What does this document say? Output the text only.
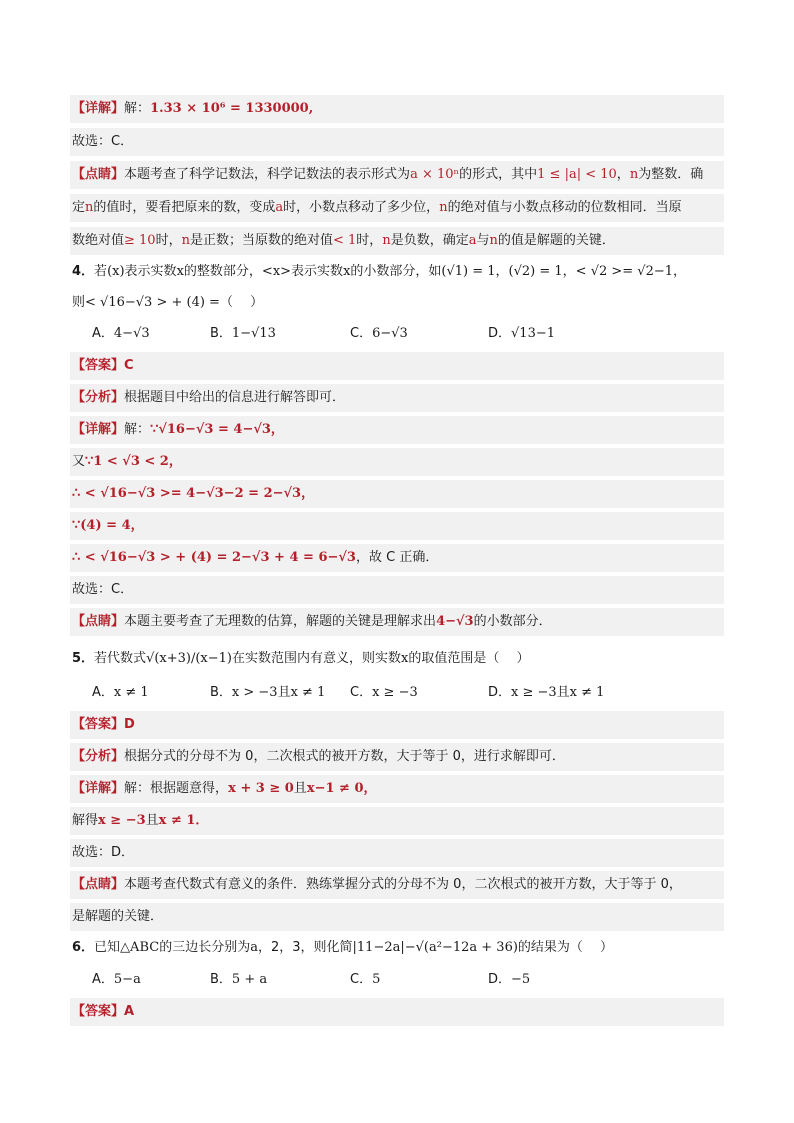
【 详解 】 解：1.33 × 10⁶ = 1330000,
故选：C．
【 点睛 】 本题考查了科学记数法，科学记数法的表示形式为a × 10ⁿ的形式，其中1 ≤ |a| < 10，n为整数．确
定n的值时，要看把原来的数，变成a时，小数点移动了多少位，n的绝对值与小数点移动的位数相同．当原
数绝对值≥ 10时，n是正数；当原数的绝对值< 1时，n是负数，确定a与n的值是解题的关键．
4．若(x)表示实数x的整数部分，<x>表示实数x的小数部分，如(√1) = 1，(√2) = 1，< √2 >= √2−1，
则< √16−√3 > + (4) =（　 ）
【 答案 】 C
【 分析 】 根据题目中给出的信息进行解答即可．
【 详解 】 解：∵√16−√3 = 4−√3，
又∵1 < √3 < 2，
∴ < √16−√3 >= 4−√3−2 = 2−√3，
∵(4) = 4，
∴ < √16−√3 > + (4) = 2−√3 + 4 = 6−√3，故 C 正确．
故选：C．
【 点睛 】 本题主要考查了无理数的估算，解题的关键是理解求出4−√3的小数部分．
5．若代数式√(x+3)/(x−1)在实数范围内有意义，则实数x的取值范围是（　 ）
【 答案 】 D
【 分析 】 根据分式的分母不为 0，二次根式的被开方数，大于等于 0，进行求解即可．
【 详解 】 解：根据题意得，x + 3 ≥ 0且x−1 ≠ 0，
解得x ≥ −3且x ≠ 1．
故选：D．
【 点睛 】 本题考查代数式有意义的条件．熟练掌握分式的分母不为 0，二次根式的被开方数，大于等于 0，
是解题的关键．
6．已知△ABC的三边长分别为a，2，3，则化简|11−2a|−√(a²−12a + 36)的结果为（　 ）
【 答案 】 A
A．4−√3	B．1−√13	C．6−√3	D．√13−1
A．x ≠ 1	B．x > −3且x ≠ 1 C．x ≥ −3	D．x ≥ −3且x ≠ 1
A．5−a	B．5 + a	C．5	D．−5
